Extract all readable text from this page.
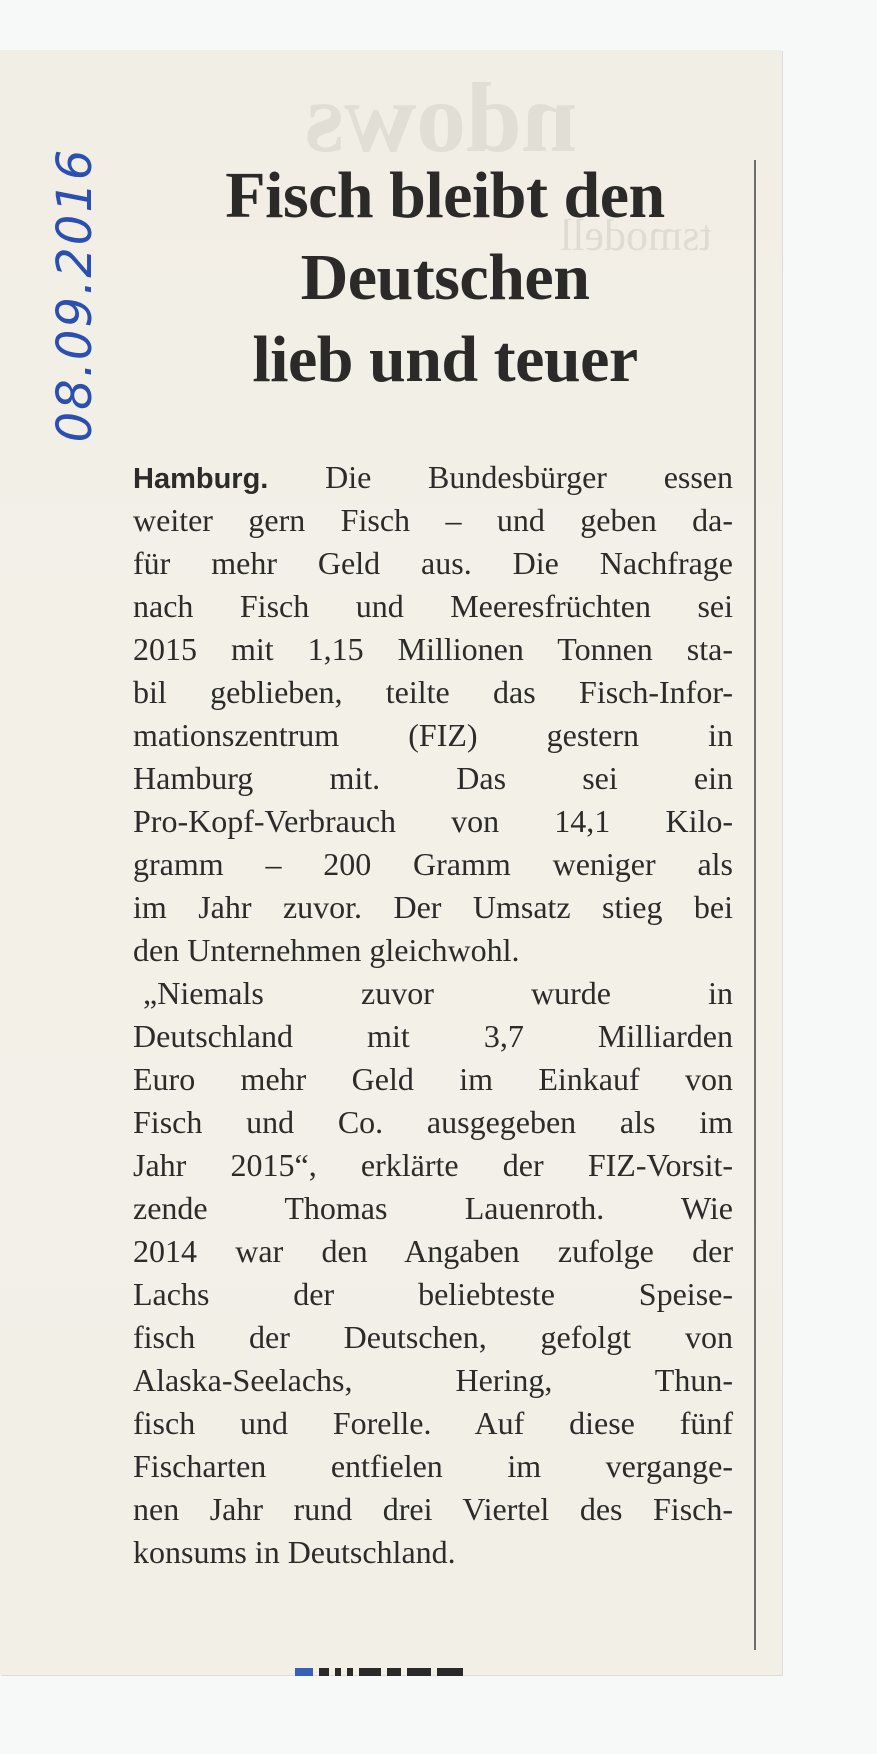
ndows
tsmodell
08.09.2016	Fisch bleibt den
Deutschen
lieb und teuer
Hamburg. Die Bundesbürger essen
weiter gern Fisch – und geben da-
für mehr Geld aus. Die Nachfrage
nach Fisch und Meeresfrüchten sei
2015 mit 1,15 Millionen Tonnen sta-
bil geblieben, teilte das Fisch-Infor-
mationszentrum (FIZ) gestern in
Hamburg mit. Das sei ein
Pro-Kopf-Verbrauch von 14,1 Kilo-
gramm – 200 Gramm weniger als
im Jahr zuvor. Der Umsatz stieg bei
den Unternehmen gleichwohl.
„Niemals zuvor wurde in
Deutschland mit 3,7 Milliarden
Euro mehr Geld im Einkauf von
Fisch und Co. ausgegeben als im
Jahr 2015“, erklärte der FIZ-Vorsit-
zende Thomas Lauenroth. Wie
2014 war den Angaben zufolge der
Lachs der beliebteste Speise-
fisch der Deutschen, gefolgt von
Alaska-Seelachs, Hering, Thun-
fisch und Forelle. Auf diese fünf
Fischarten entfielen im vergange-
nen Jahr rund drei Viertel des Fisch-
konsums in Deutschland.
